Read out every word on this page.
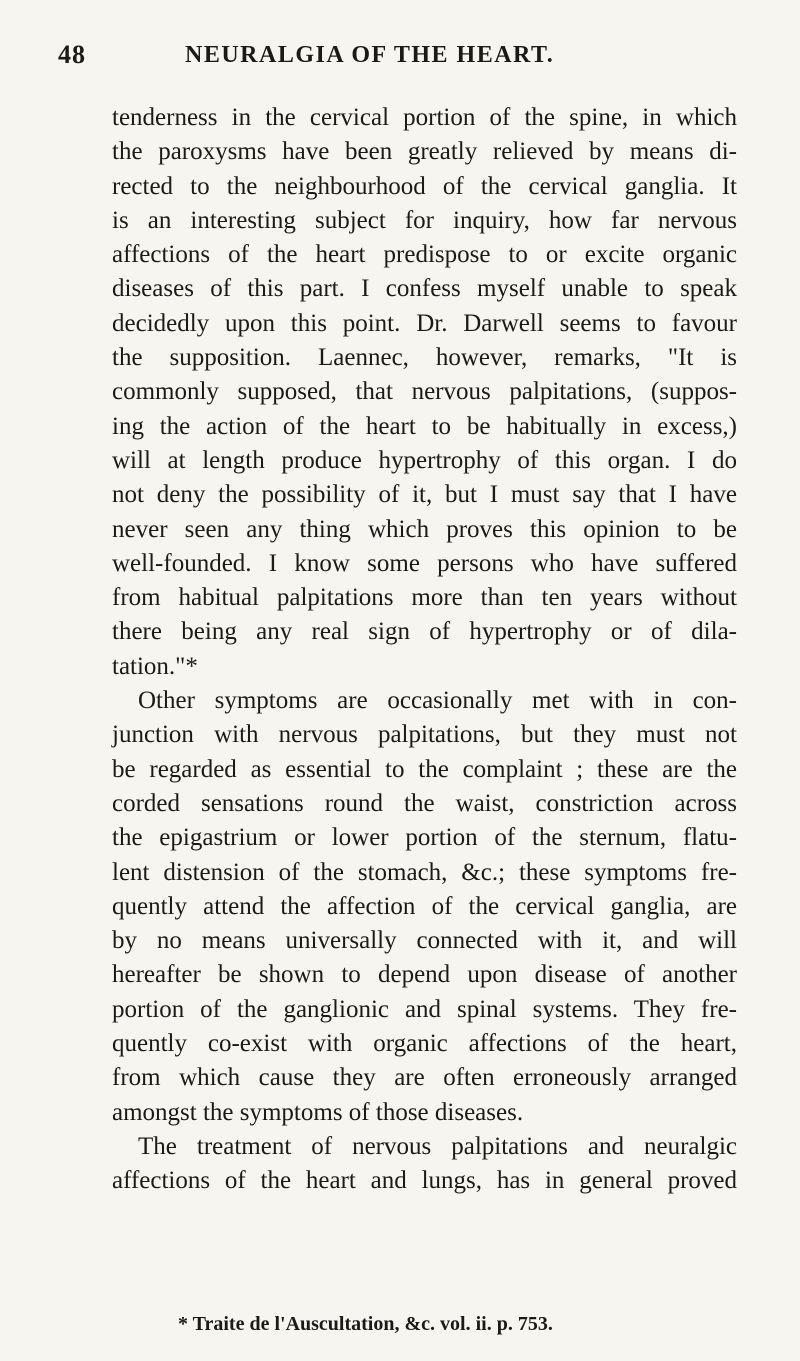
48	NEURALGIA OF THE HEART.
tenderness in the cervical portion of the spine, in which
the paroxysms have been greatly relieved by means di-
rected to the neighbourhood of the cervical ganglia. It
is an interesting subject for inquiry, how far nervous
affections of the heart predispose to or excite organic
diseases of this part. I confess myself unable to speak
decidedly upon this point. Dr. Darwell seems to favour
the supposition. Laennec, however, remarks, "It is
commonly supposed, that nervous palpitations, (suppos-
ing the action of the heart to be habitually in excess,)
will at length produce hypertrophy of this organ. I do
not deny the possibility of it, but I must say that I have
never seen any thing which proves this opinion to be
well-founded. I know some persons who have suffered
from habitual palpitations more than ten years without
there being any real sign of hypertrophy or of dila-
tation."*
Other symptoms are occasionally met with in con-
junction with nervous palpitations, but they must not
be regarded as essential to the complaint ; these are the
corded sensations round the waist, constriction across
the epigastrium or lower portion of the sternum, flatu-
lent distension of the stomach, &c.; these symptoms fre-
quently attend the affection of the cervical ganglia, are
by no means universally connected with it, and will
hereafter be shown to depend upon disease of another
portion of the ganglionic and spinal systems. They fre-
quently co-exist with organic affections of the heart,
from which cause they are often erroneously arranged
amongst the symptoms of those diseases.
The treatment of nervous palpitations and neuralgic
affections of the heart and lungs, has in general proved
* Traite de l'Auscultation, &c. vol. ii. p. 753.
